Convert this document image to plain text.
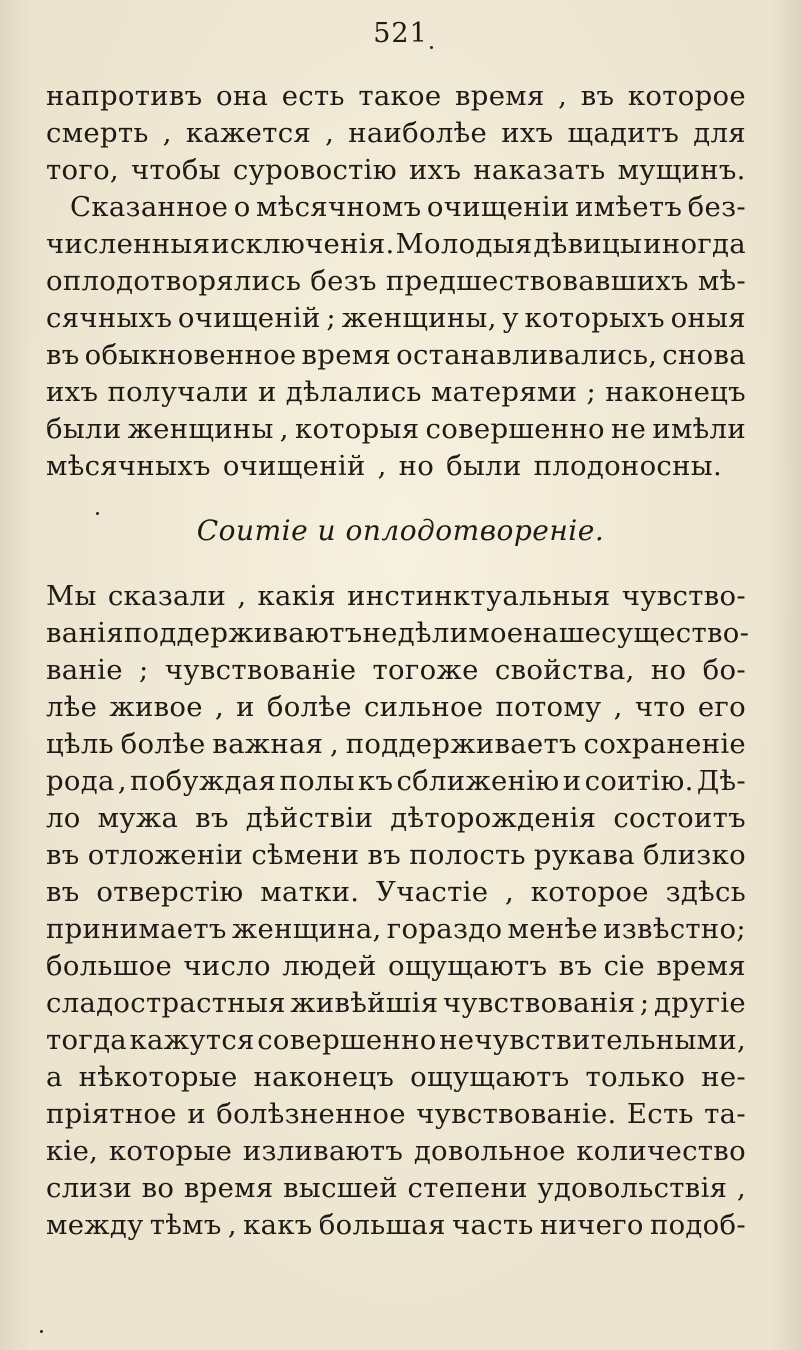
521
напротивъ она есть такое время , въ которое
смерть , кажется , наиболѣе ихъ щадитъ для
того, чтобы суровостію ихъ наказать мущинъ.
Сказанное о мѣсячномъ очищеніи имѣетъ без-
численныя исключенія. Молодыя дѣвицы иногда
оплодотворялись безъ предшествовавшихъ мѣ-
сячныхъ очищеній ; женщины, у которыхъ оныя
въ обыкновенное время останавливались, снова
ихъ получали и дѣлались матерями ; наконецъ
были женщины , которыя совершенно не имѣли
мѣсячныхъ очищеній , но были плодоносны.
Соитіе и оплодотвореніе.
Мы сказали , какія инстинктуальныя чувство-
ванія поддерживаютъ недѣлимое наше существо-
ваніе ; чувствованіе тогоже свойства, но бо-
лѣе живое , и болѣе сильное потому , что его
цѣль болѣе важная , поддерживаетъ сохраненіе
рода , побуждая полы къ сближенію и соитію. Дѣ-
ло мужа въ дѣйствіи дѣторожденія состоитъ
въ отложеніи сѣмени въ полость рукава близко
въ отверстію матки. Участіе , которое здѣсь
принимаетъ женщина, гораздо менѣе извѣстно;
большое число людей ощущаютъ въ сіе время
сладострастныя живѣйшія чувствованія ; другіе
тогда кажутся совершенно нечувствительными,
а нѣкоторые наконецъ ощущаютъ только не-
пріятное и болѣзненное чувствованіе. Есть та-
кіе, которые изливаютъ довольное количество
слизи во время высшей степени удовольствія ,
между тѣмъ , какъ большая часть ничего подоб-
